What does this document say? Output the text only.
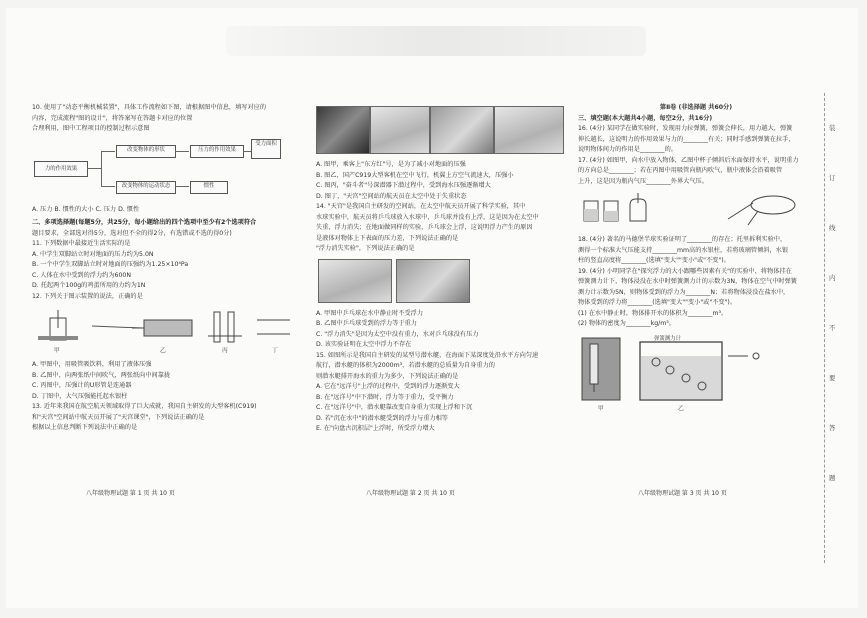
10. 使用了"动态平衡机械装置"，具体工作流程如下图，请根据图中信息，填写对应的
内容，完成流程"图的设计"，将答案写在答题卡对应的位置
合理利用，图中工程项目的控制过程示意图
力的作用效果
改变物体的形状
改变物体的运动状态
压力的作用效果
惯性
受力面积
A. 压力 B. 惯性的大小 C. 压力 D. 惯性
二、多项选择题(每题5分，共25分，每小题给出的四个选项中至少有2个选项符合
题目要求，全部选对得5分，选对但不全的得2分，有选错或不选的得0分)
11. 下列数据中最接近生活实际的是
A. 中学生双脚站立时对地面的压力约为5.0N
B. 一个中学生双脚站立时对地面的压强约为1.25×10⁴Pa
C. 人体在水中受到的浮力约为600N
D. 托起两个100g的鸡蛋所用的力约为1N
12. 下列关于图示装置的说法，正确的是
甲	乙	丙	丁
A. 甲图中，用吸管吸饮料，利用了液体压强
B. 乙图中，向两张纸中间吹气，两张纸向中间靠拢
C. 丙图中，压强计的U形管是连通器
D. 丁图中，大气压强能托起水银柱
13. 近年来我国在航空航天领域取得了巨大成就，我国自主研发的大型客机(C919)
和"天宫"空间站中航天员开展了"天宫课堂"，下列说法正确的是
根据以上信息判断下列说法中正确的是
A. 图甲，乘客上"东方红"号，是为了减小对地面的压强
B. 图乙，国产C919大型客机在空中飞行，机翼上方空气流速大，压强小
C. 图丙，"奋斗者"号深潜器下潜过程中，受到海水压强逐渐增大
D. 图丁，"天宫"空间站的航天员在太空中处于失重状态
14. "天宫"是我国自主研发的空间站，在太空中航天员开展了科学实验，其中
水球实验中，航天员将乒乓球放入水球中，乒乓球并没有上浮，这是因为在太空中
失重，浮力消失；在地面做同样的实验，乒乓球会上浮，这说明浮力产生的原因
是液体对物体上下表面的压力差，下列说法正确的是
"浮力消失实验"，下列说法正确的是
A. 甲图中乒乓球在水中静止时不受浮力
B. 乙图中乒乓球受到的浮力等于重力
C. "浮力消失"是因为太空中没有重力，水对乒乓球没有压力
D. 该实验证明在太空中浮力不存在
15. 如图所示是我国自主研发的某型号潜水艇，在海面下某深度处沿水平方向匀速
航行，潜水艇的体积为2000m³，若潜水艇的总质量为自身重力的
则潜水艇排开海水的重力为多少，下列说法正确的是
A. 它在"远洋号"上浮的过程中，受到的浮力逐渐变大
B. 在"远洋号"中下潜时，浮力等于重力，受平衡力
C. 在"远洋号"中，潜水艇靠改变自身重力实现上浮和下沉
D. 若"沉在水中"的潜水艇受到的浮力与重力相等
E. 在"向盘古沉积层"上浮时，所受浮力增大
第Ⅱ卷 (非选择题 共60分)
三、填空题(本大题共4小题，每空2分，共16分)
16. (4分) 某同学在做实验时，发现用力拉弹簧，弹簧会伸长，用力越大，弹簧
伸长越长，这说明力的作用效果与力的________有关；同时手感到弹簧在拉手，
说明物体间力的作用是________的。
17. (4分) 如图甲，向水中放入物体，乙图中杯子倾斜后水面保持水平，说明重力
的方向总是________；若在丙图中用吸管向瓶内吹气，瓶中液体会沿着吸管
上升，这是因为瓶内气压________外界大气压。
18. (4分) 著名的马德堡半球实验证明了________的存在；托里拆利实验中，
测得一个标准大气压能支持________mm高的水银柱，若将玻璃管倾斜，水银
柱的竖直高度将________(选填"变大""变小"或"不变")。
19. (4分) 小明同学在"探究浮力的大小跟哪些因素有关"的实验中，将物体挂在
弹簧测力计下，物体浸没在水中时弹簧测力计的示数为3N，物体在空气中时弹簧
测力计示数为5N，则物体受到的浮力为________N；若将物体浸没在盐水中，
物体受到的浮力将________(选填"变大""变小"或"不变")。
(1) 在水中静止时，物体排开水的体积为________m³。
(2) 物体的密度为________kg/m³。
弹簧测力计
甲	乙
八年级物理试题 第 1 页 共 10 页	八年级物理试题 第 2 页 共 10 页	八年级物理试题 第 3 页 共 10 页
装
订
线
内
不
要
答
题
